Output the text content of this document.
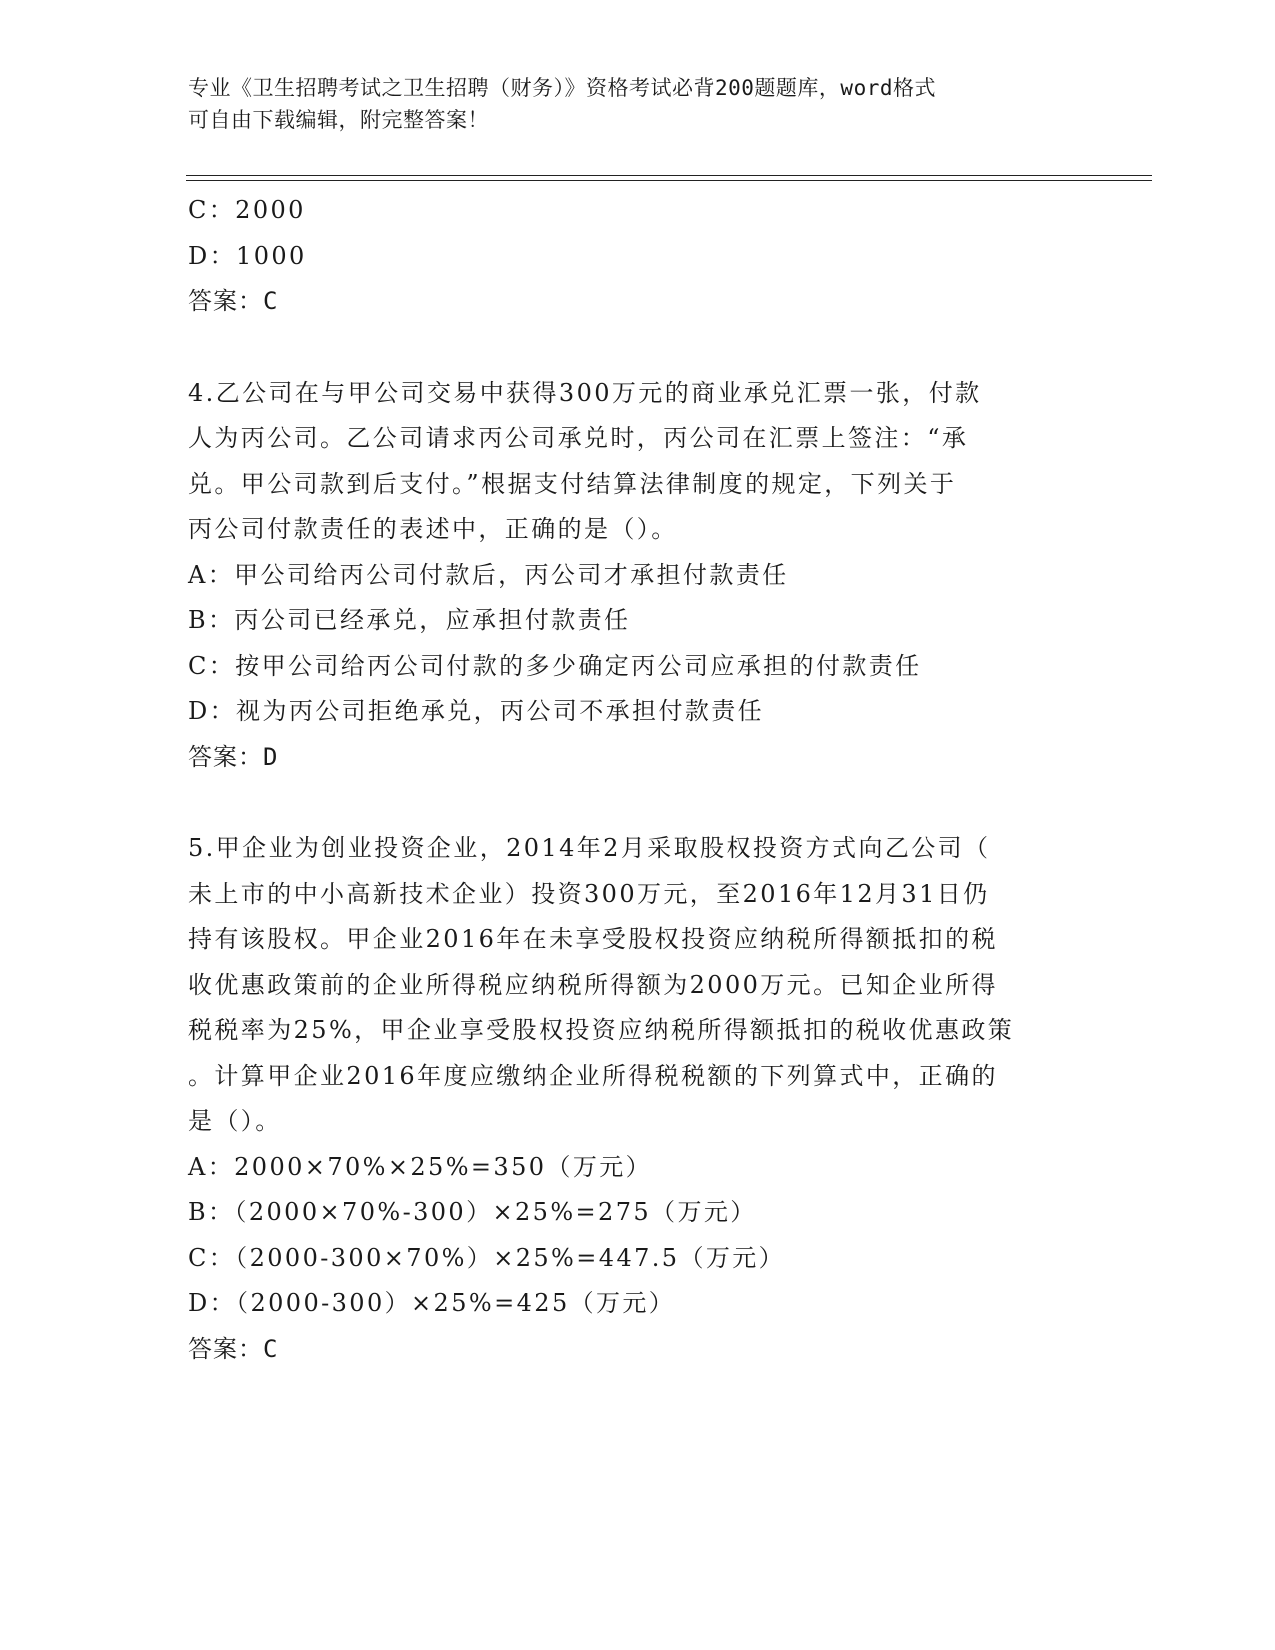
专业《卫生招聘考试之卫生招聘（财务）》资格考试必背200题题库，word格式
可自由下载编辑，附完整答案！
C：2000
D：1000
答案：C
4.乙公司在与甲公司交易中获得300万元的商业承兑汇票一张，付款
人为丙公司。乙公司请求丙公司承兑时，丙公司在汇票上签注：“承
兑。甲公司款到后支付。”根据支付结算法律制度的规定，下列关于
丙公司付款责任的表述中，正确的是（）。
A：甲公司给丙公司付款后，丙公司才承担付款责任
B：丙公司已经承兑，应承担付款责任
C：按甲公司给丙公司付款的多少确定丙公司应承担的付款责任
D：视为丙公司拒绝承兑，丙公司不承担付款责任
答案：D
5.甲企业为创业投资企业，2014年2月采取股权投资方式向乙公司（
未上市的中小高新技术企业）投资300万元，至2016年12月31日仍
持有该股权。甲企业2016年在未享受股权投资应纳税所得额抵扣的税
收优惠政策前的企业所得税应纳税所得额为2000万元。已知企业所得
税税率为25%，甲企业享受股权投资应纳税所得额抵扣的税收优惠政策
。计算甲企业2016年度应缴纳企业所得税税额的下列算式中，正确的
是（）。
A：2000×70%×25%=350（万元）
B：（2000×70%-300）×25%=275（万元）
C：（2000-300×70%）×25%=447.5（万元）
D：（2000-300）×25%=425（万元）
答案：C
